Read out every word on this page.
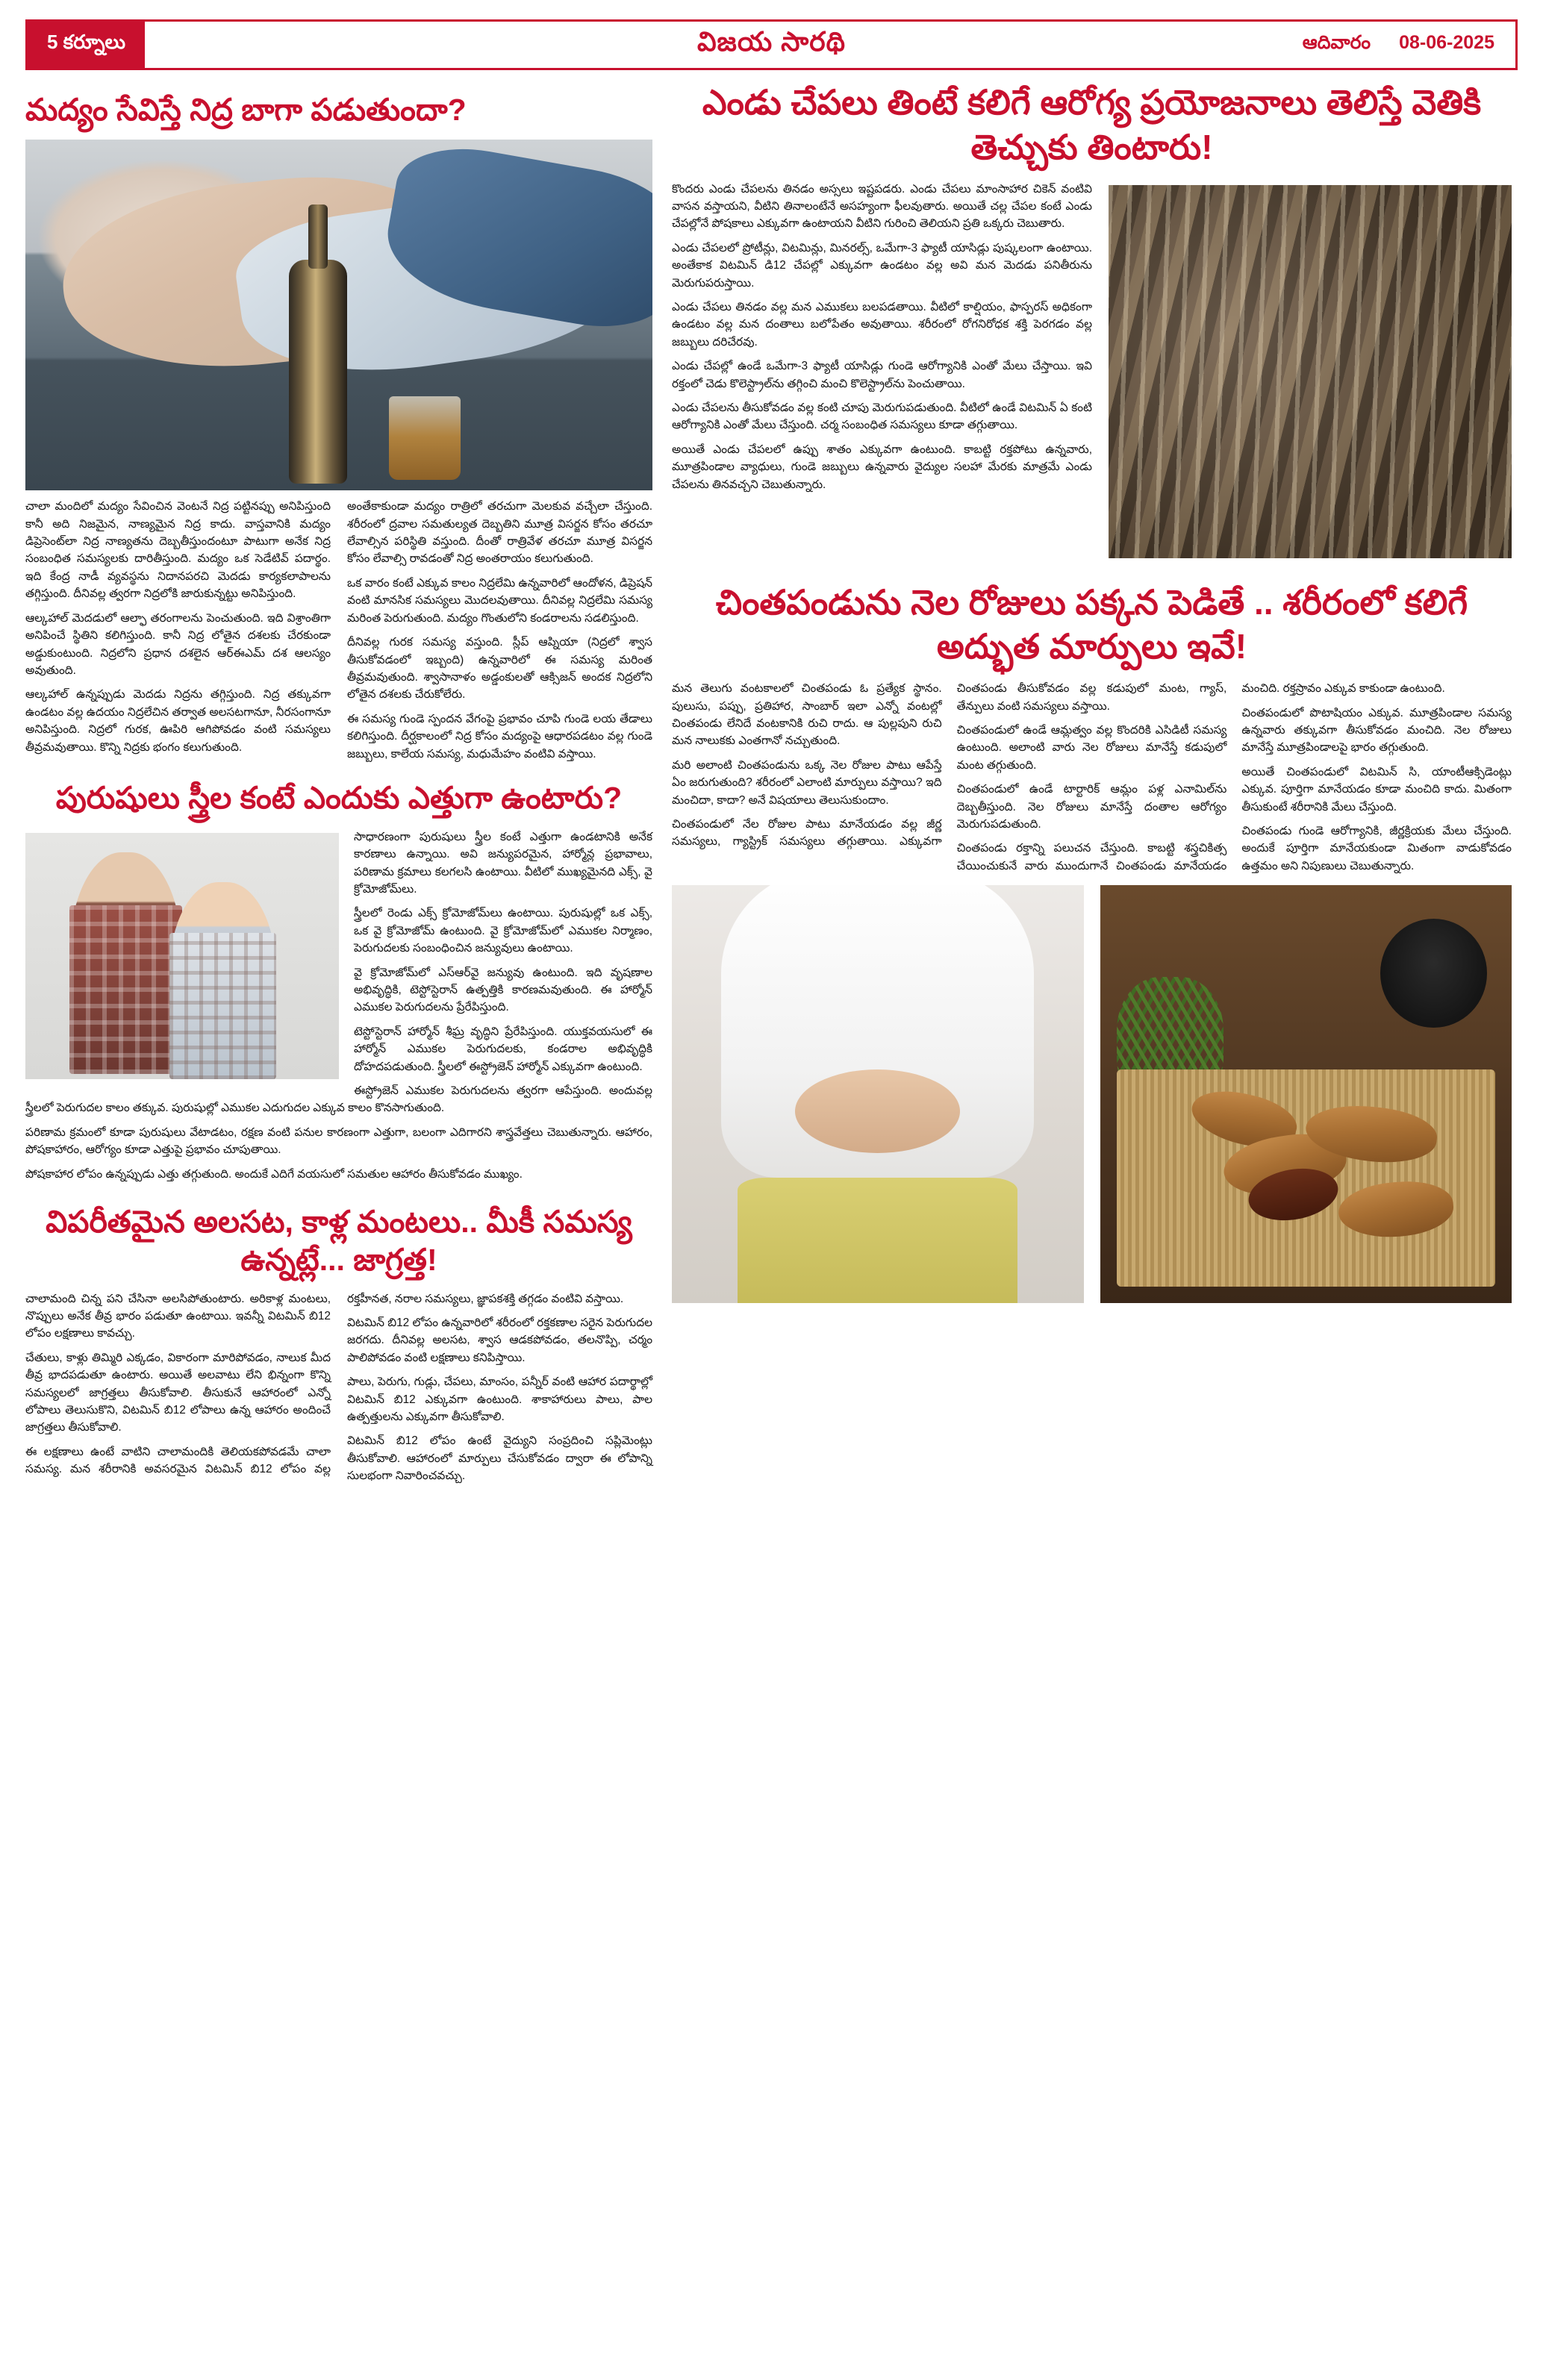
5 కర్నూలు	విజయ సారథి	ఆదివారం 08-06-2025
మద్యం సేవిస్తే నిద్ర బాగా పడుతుందా?

చాలా మందిలో మద్యం సేవించిన వెంటనే నిద్ర పట్టినప్పు అనిపిస్తుంది కానీ అది నిజమైన, నాణ్యమైన నిద్ర కాదు. వాస్తవానికి మద్యం డిప్రెసెంట్‌లా నిద్ర నాణ్యతను దెబ్బతీస్తుందంటూ పాటుగా అనేక నిద్ర సంబంధిత సమస్యలకు దారితీస్తుంది. మద్యం ఒక సెడేటివ్ పదార్థం. ఇది కేంద్ర నాడీ వ్యవస్థను నిదానపరచి మెదడు కార్యకలాపాలను తగ్గిస్తుంది. దీనివల్ల త్వరగా నిద్రలోకి జారుకున్నట్టు అనిపిస్తుంది.

ఆల్కహాల్ మెదడులో ఆల్ఫా తరంగాలను పెంచుతుంది. ఇది విశ్రాంతిగా అనిపించే స్థితిని కలిగిస్తుంది. కానీ నిద్ర లోతైన దశలకు చేరకుండా అడ్డుకుంటుంది. నిద్రలోని ప్రధాన దశలైన ఆర్ఈఎమ్ దశ ఆలస్యం అవుతుంది.

ఆల్కహాల్ ఉన్నప్పుడు మెదడు నిద్రను తగ్గిస్తుంది. నిద్ర తక్కువగా ఉండటం వల్ల ఉదయం నిద్రలేచిన తర్వాత అలసటగానూ, నీరసంగానూ అనిపిస్తుంది. నిద్రలో గురక, ఊపిరి ఆగిపోవడం వంటి సమస్యలు తీవ్రమవుతాయి. కొన్ని నిద్రకు భంగం కలుగుతుంది.

అంతేకాకుండా మద్యం రాత్రిలో తరచుగా మెలకువ వచ్చేలా చేస్తుంది. శరీరంలో ద్రవాల సమతుల్యత దెబ్బతిని మూత్ర విసర్జన కోసం తరచూ లేవాల్సిన పరిస్థితి వస్తుంది. దీంతో రాత్రివేళ తరచూ మూత్ర విసర్జన కోసం లేవాల్సి రావడంతో నిద్ర అంతరాయం కలుగుతుంది.

ఒక వారం కంటే ఎక్కువ కాలం నిద్రలేమి ఉన్నవారిలో ఆందోళన, డిప్రెషన్ వంటి మానసిక సమస్యలు మొదలవుతాయి. దీనివల్ల నిద్రలేమి సమస్య మరింత పెరుగుతుంది. మద్యం గొంతులోని కండరాలను సడలిస్తుంది.

దీనివల్ల గురక సమస్య వస్తుంది. స్లీప్ ఆప్నియా (నిద్రలో శ్వాస తీసుకోవడంలో ఇబ్బంది) ఉన్నవారిలో ఈ సమస్య మరింత తీవ్రమవుతుంది. శ్వాసానాళం అడ్డంకులతో ఆక్సిజన్ అందక నిద్రలోని లోతైన దశలకు చేరుకోలేరు.

ఈ సమస్య గుండె స్పందన వేగంపై ప్రభావం చూపి గుండె లయ తేడాలు కలిగిస్తుంది. దీర్ఘకాలంలో నిద్ర కోసం మద్యంపై ఆధారపడటం వల్ల గుండె జబ్బులు, కాలేయ సమస్య, మధుమేహం వంటివి వస్తాయి.

పురుషులు స్త్రీల కంటే ఎందుకు ఎత్తుగా ఉంటారు?

సాధారణంగా పురుషులు స్త్రీల కంటే ఎత్తుగా ఉండటానికి అనేక కారణాలు ఉన్నాయి. అవి జన్యుపరమైన, హార్మోన్ల ప్రభావాలు, పరిణామ క్రమాలు కలగలసి ఉంటాయి. వీటిలో ముఖ్యమైనది ఎక్స్, వై క్రోమోజోమ్‌లు.

స్త్రీలలో రెండు ఎక్స్ క్రోమోజోమ్‌లు ఉంటాయి. పురుషుల్లో ఒక ఎక్స్, ఒక వై క్రోమోజోమ్ ఉంటుంది. వై క్రోమోజోమ్‌లో ఎముకల నిర్మాణం, పెరుగుదలకు సంబంధించిన జన్యువులు ఉంటాయి.

వై క్రోమోజోమ్‌లో ఎస్ఆర్‌వై జన్యువు ఉంటుంది. ఇది వృషణాల అభివృద్ధికి, టెస్టోస్టెరాన్ ఉత్పత్తికి కారణమవుతుంది. ఈ హార్మోన్ ఎముకల పెరుగుదలను ప్రేరేపిస్తుంది.

టెస్టోస్టెరాన్ హార్మోన్ శీఘ్ర వృద్ధిని ప్రేరేపిస్తుంది. యుక్తవయసులో ఈ హార్మోన్ ఎముకల పెరుగుదలకు, కండరాల అభివృద్ధికి దోహదపడుతుంది. స్త్రీలలో ఈస్ట్రోజెన్ హార్మోన్ ఎక్కువగా ఉంటుంది.

ఈస్ట్రోజెన్ ఎముకల పెరుగుదలను త్వరగా ఆపేస్తుంది. అందువల్ల స్త్రీలలో పెరుగుదల కాలం తక్కువ. పురుషుల్లో ఎముకల ఎదుగుదల ఎక్కువ కాలం కొనసాగుతుంది.

పరిణామ క్రమంలో కూడా పురుషులు వేటాడటం, రక్షణ వంటి పనుల కారణంగా ఎత్తుగా, బలంగా ఎదిగారని శాస్త్రవేత్తలు చెబుతున్నారు. ఆహారం, పోషకాహారం, ఆరోగ్యం కూడా ఎత్తుపై ప్రభావం చూపుతాయి.

పోషకాహార లోపం ఉన్నప్పుడు ఎత్తు తగ్గుతుంది. అందుకే ఎదిగే వయసులో సమతుల ఆహారం తీసుకోవడం ముఖ్యం.

విపరీతమైన అలసట, కాళ్ల మంటలు.. మీకీ సమస్య ఉన్నట్లే... జాగ్రత్త!

చాలామంది చిన్న పని చేసినా అలసిపోతుంటారు. అరికాళ్ల మంటలు, నొప్పులు అనేక తీవ్ర భారం పడుతూ ఉంటాయి. ఇవన్నీ విటమిన్ బి12 లోపం లక్షణాలు కావచ్చు.

చేతులు, కాళ్లు తిమ్మిరి ఎక్కడం, వికారంగా మారిపోవడం, నాలుక మీద తీవ్ర భాదపడుతూ ఉంటారు. అయితే అలవాటు లేని భిన్నంగా కొన్ని సమస్యలలో జాగ్రత్తలు తీసుకోవాలి. తీసుకునే ఆహారంలో ఎన్నో లోపాలు తెలుసుకొని, విటమిన్ బి12 లోపాలు ఉన్న ఆహారం అందించే జాగ్రత్తలు తీసుకోవాలి.

ఈ లక్షణాలు ఉంటే వాటిని చాలామందికి తెలియకపోవడమే చాలా సమస్య. మన శరీరానికి అవసరమైన విటమిన్ బి12 లోపం వల్ల రక్తహీనత, నరాల సమస్యలు, జ్ఞాపకశక్తి తగ్గడం వంటివి వస్తాయి.

విటమిన్ బి12 లోపం ఉన్నవారిలో శరీరంలో రక్తకణాల సరైన పెరుగుదల జరగదు. దీనివల్ల అలసట, శ్వాస ఆడకపోవడం, తలనొప్పి, చర్మం పాలిపోవడం వంటి లక్షణాలు కనిపిస్తాయి.

పాలు, పెరుగు, గుడ్లు, చేపలు, మాంసం, పన్నీర్ వంటి ఆహార పదార్థాల్లో విటమిన్ బి12 ఎక్కువగా ఉంటుంది. శాకాహారులు పాలు, పాల ఉత్పత్తులను ఎక్కువగా తీసుకోవాలి.

విటమిన్ బి12 లోపం ఉంటే వైద్యుని సంప్రదించి సప్లిమెంట్లు తీసుకోవాలి. ఆహారంలో మార్పులు చేసుకోవడం ద్వారా ఈ లోపాన్ని సులభంగా నివారించవచ్చు.

ఎండు చేపలు తింటే కలిగే ఆరోగ్య ప్రయోజనాలు తెలిస్తే వెతికి తెచ్చుకు తింటారు!

కొందరు ఎండు చేపలను తినడం అస్సలు ఇష్టపడరు. ఎండు చేపలు మాంసాహార చికెన్ వంటివి వాసన వస్తాయని, వీటిని తినాలంటేనే అసహ్యంగా ఫీలవుతారు. అయితే చల్ల చేపల కంటే ఎండు చేపల్లోనే పోషకాలు ఎక్కువగా ఉంటాయని వీటిని గురించి తెలియని ప్రతి ఒక్కరు చెబుతారు.

ఎండు చేపలలో ప్రోటీన్లు, విటమిన్లు, మినరల్స్, ఒమేగా-3 ఫ్యాటీ యాసిడ్లు పుష్కలంగా ఉంటాయి. అంతేకాక విటమిన్ డి12 చేపల్లో ఎక్కువగా ఉండటం వల్ల అవి మన మెదడు పనితీరును మెరుగుపరుస్తాయి.

ఎండు చేపలు తినడం వల్ల మన ఎముకలు బలపడతాయి. వీటిలో కాల్షియం, ఫాస్పరస్ అధికంగా ఉండటం వల్ల మన దంతాలు బలోపేతం అవుతాయి. శరీరంలో రోగనిరోధక శక్తి పెరగడం వల్ల జబ్బులు దరిచేరవు.

ఎండు చేపల్లో ఉండే ఒమేగా-3 ఫ్యాటీ యాసిడ్లు గుండె ఆరోగ్యానికి ఎంతో మేలు చేస్తాయి. ఇవి రక్తంలో చెడు కొలెస్ట్రాల్‌ను తగ్గించి మంచి కొలెస్ట్రాల్‌ను పెంచుతాయి.

ఎండు చేపలను తీసుకోవడం వల్ల కంటి చూపు మెరుగుపడుతుంది. వీటిలో ఉండే విటమిన్ ఏ కంటి ఆరోగ్యానికి ఎంతో మేలు చేస్తుంది. చర్మ సంబంధిత సమస్యలు కూడా తగ్గుతాయి.

అయితే ఎండు చేపలలో ఉప్పు శాతం ఎక్కువగా ఉంటుంది. కాబట్టి రక్తపోటు ఉన్నవారు, మూత్రపిండాల వ్యాధులు, గుండె జబ్బులు ఉన్నవారు వైద్యుల సలహా మేరకు మాత్రమే ఎండు చేపలను తినవచ్చని చెబుతున్నారు.

చింతపండును నెల రోజులు పక్కన పెడితే .. శరీరంలో కలిగే అద్భుత మార్పులు ఇవే!

మన తెలుగు వంటకాలలో చింతపండు ఓ ప్రత్యేక స్థానం. పులుసు, పప్పు, ప్రతిహార, సాంబార్ ఇలా ఎన్నో వంటల్లో చింతపండు లేనిదే వంటకానికి రుచి రాదు. ఆ పుల్లపుని రుచి మన నాలుకకు ఎంతగానో నచ్చుతుంది.

మరి అలాంటి చింతపండును ఒక్క నెల రోజుల పాటు ఆపేస్తే ఏం జరుగుతుంది? శరీరంలో ఎలాంటి మార్పులు వస్తాయి? ఇది మంచిదా, కాదా? అనే విషయాలు తెలుసుకుందాం.

చింతపండులో నేల రోజుల పాటు మానేయడం వల్ల జీర్ణ సమస్యలు, గ్యాస్ట్రిక్ సమస్యలు తగ్గుతాయి. ఎక్కువగా చింతపండు తీసుకోవడం వల్ల కడుపులో మంట, గ్యాస్, తేన్పులు వంటి సమస్యలు వస్తాయి.

చింతపండులో ఉండే ఆమ్లత్వం వల్ల కొందరికి ఎసిడిటీ సమస్య ఉంటుంది. అలాంటి వారు నెల రోజులు మానేస్తే కడుపులో మంట తగ్గుతుంది.

చింతపండులో ఉండే టార్టారిక్ ఆమ్లం పళ్ల ఎనామిల్‌ను దెబ్బతీస్తుంది. నెల రోజులు మానేస్తే దంతాల ఆరోగ్యం మెరుగుపడుతుంది.

చింతపండు రక్తాన్ని పలుచన చేస్తుంది. కాబట్టి శస్త్రచికిత్స చేయించుకునే వారు ముందుగానే చింతపండు మానేయడం మంచిది. రక్తస్రావం ఎక్కువ కాకుండా ఉంటుంది.

చింతపండులో పొటాషియం ఎక్కువ. మూత్రపిండాల సమస్య ఉన్నవారు తక్కువగా తీసుకోవడం మంచిది. నెల రోజులు మానేస్తే మూత్రపిండాలపై భారం తగ్గుతుంది.

అయితే చింతపండులో విటమిన్ సి, యాంటీఆక్సిడెంట్లు ఎక్కువ. పూర్తిగా మానేయడం కూడా మంచిది కాదు. మితంగా తీసుకుంటే శరీరానికి మేలు చేస్తుంది.

చింతపండు గుండె ఆరోగ్యానికి, జీర్ణక్రియకు మేలు చేస్తుంది. అందుకే పూర్తిగా మానేయకుండా మితంగా వాడుకోవడం ఉత్తమం అని నిపుణులు చెబుతున్నారు.
